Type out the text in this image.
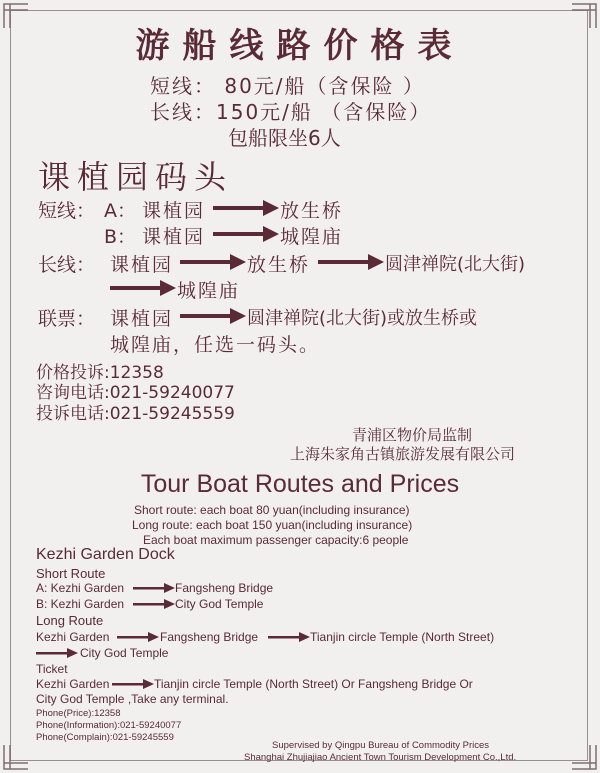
游船线路价格表
短线： 80元/船（含保险 ）
长线：150元/船 （含保险）
包船限坐6人
课植园码头
短线： A： 课植园	放生桥
B： 课植园	城隍庙
长线： 课植园	放生桥	圆津禅院(北大街)
城隍庙
联票： 课植园	圆津禅院(北大街)或放生桥或
城隍庙，任选一码头。
价格投诉:12358
咨询电话:021-59240077
投诉电话:021-59245559
青浦区物价局监制
上海朱家角古镇旅游发展有限公司
Tour Boat Routes and Prices
Short route: each boat 80 yuan(including insurance)
Long route: each boat 150 yuan(including insurance)
Each boat maximum passenger capacity:6 people
Kezhi Garden Dock
Short Route
A: Kezhi Garden	Fangsheng Bridge
B: Kezhi Garden	City God Temple
Long Route
Kezhi Garden	Fangsheng Bridge	Tianjin circle Temple (North Street)
City God Temple
Ticket
Kezhi Garden	Tianjin circle Temple (North Street) Or Fangsheng Bridge Or
City God Temple ,Take any terminal.
Phone(Price):12358
Phone(Information):021-59240077
Phone(Complain):021-59245559
Supervised by Qingpu Bureau of Commodity Prices
Shanghai Zhujiajiao Ancient Town Tourism Development Co.,Ltd.
